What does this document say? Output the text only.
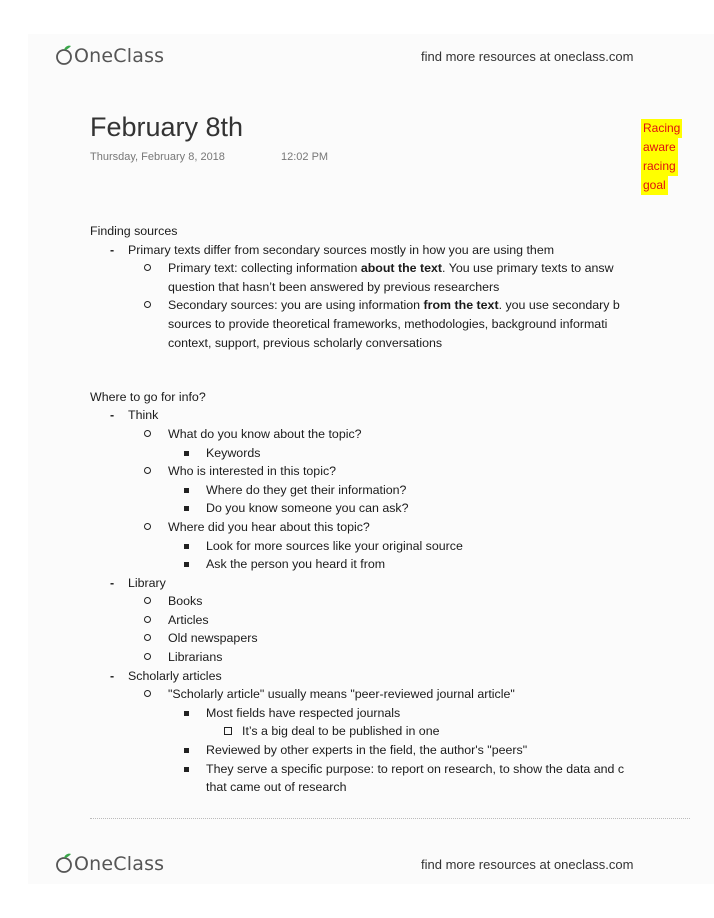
OneClass	find more resources at oneclass.com
February 8th
Thursday, February 8, 2018	12:02 PM
Racing
aware
racing
goal
Finding sources
- Primary texts differ from secondary sources mostly in how you are using them
Primary text: collecting information about the text. You use primary texts to answ
question that hasn’t been answered by previous researchers
Secondary sources: you are using information from the text. you use secondary b
sources to provide theoretical frameworks, methodologies, background informati
context, support, previous scholarly conversations
Where to go for info?
- Think
What do you know about the topic?
Keywords
Who is interested in this topic?
Where do they get their information?
Do you know someone you can ask?
Where did you hear about this topic?
Look for more sources like your original source
Ask the person you heard it from
- Library
Books
Articles
Old newspapers
Librarians
- Scholarly articles
"Scholarly article" usually means "peer-reviewed journal article"
Most fields have respected journals
It’s a big deal to be published in one
Reviewed by other experts in the field, the author's "peers"
They serve a specific purpose: to report on research, to show the data and c
that came out of research
OneClass	find more resources at oneclass.com
